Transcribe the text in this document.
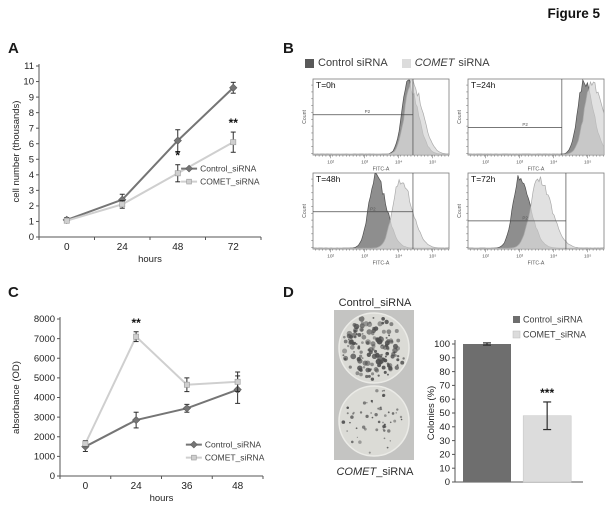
Figure 5
A	B
C	D
0
1
2
3
4
5
6
7
8
9
10
11
0	24	48	72
hours
cell number (thousands)	*
**
Control_siRNA
COMET_siRNA
Control siRNA COMET siRNA
P2
T=0h
10²	10³	10⁴	10⁵
FITC-A
Count
P2
T=24h
10²	10³	10⁴	10⁵
FITC-A
Count
P2
T=48h
10²	10³	10⁴	10⁵
FITC-A
Count	P2
T=72h
10²	10³	10⁴	10⁵
FITC-A
Count
0
1000
2000
3000
4000
5000
6000
7000
8000
0	24	36	48
hours
absorbance (OD)
**
Control_siRNA
COMET_siRNA
Control_siRNA
COMET_siRNA
0
10
20
30
40
50
60
70
80
90
100
Colonies (%)	***
Control_siRNA
COMET_siRNA
